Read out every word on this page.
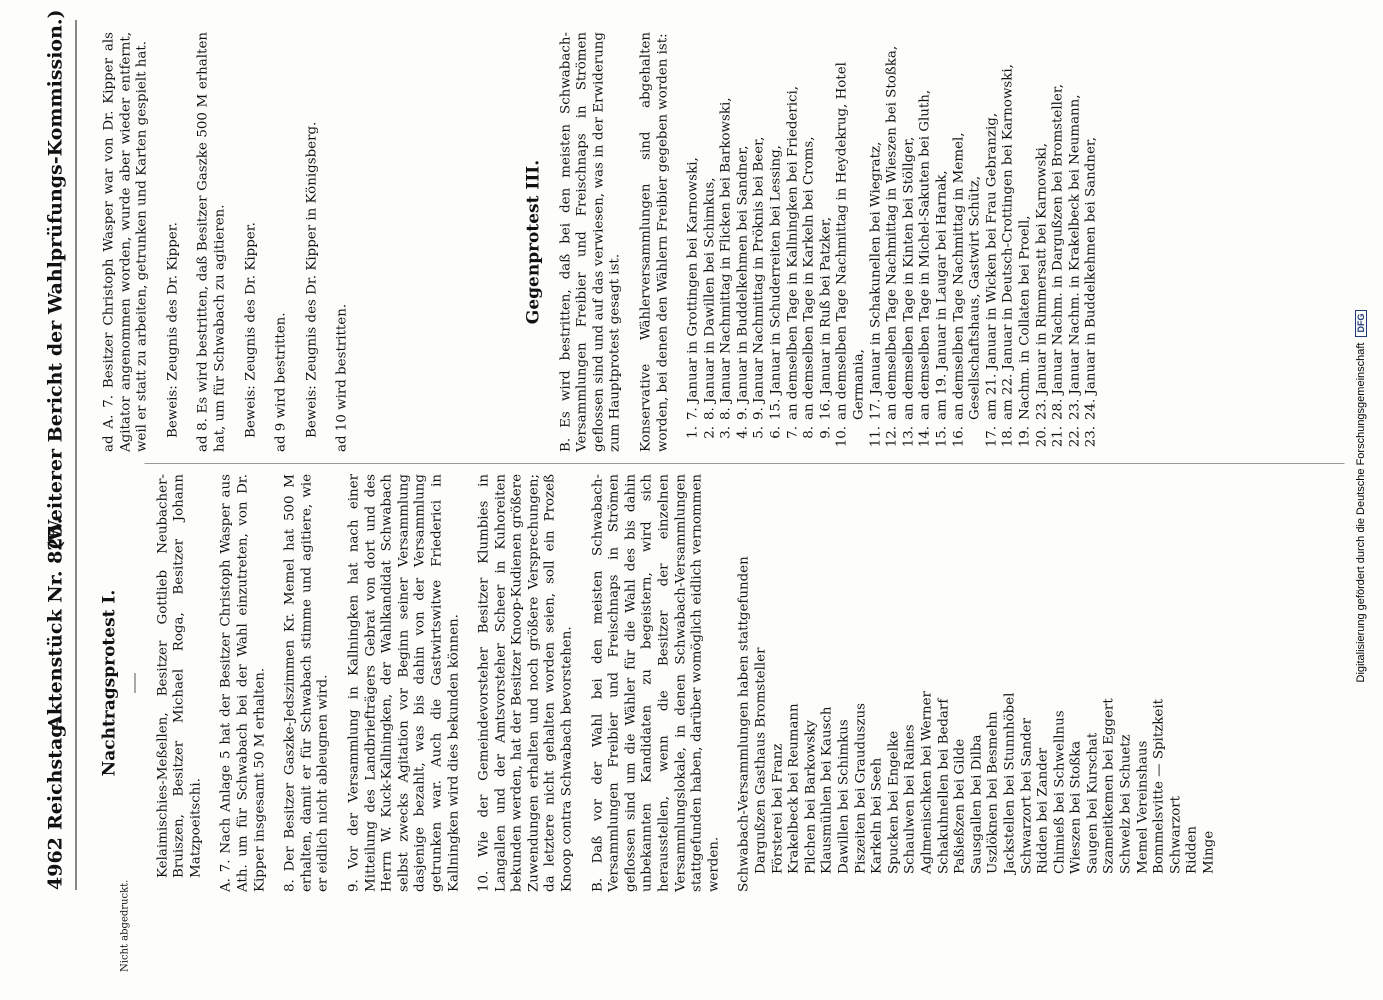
4962
Reichstag.
Aktenstück Nr. 825.
(Weiterer Bericht der Wahlprüfungs-Kommission.)
Nicht abgedruckt.
Nachtragsprotest I.	Kelaimischies-Meßellen, Besitzer Gottlieb Neubacher-Bruiszen, Besitzer Michael Roga, Besitzer Johann Matzpoeitschi. A. 7. Nach Anlage 5 hat der Besitzer Christoph Wasper aus Ath. um für Schwabach bei der Wahl einzutreten, von Dr. Kipper insgesamt 50 M erhalten. 8. Der Besitzer Gaszke-Jedszimmen Kr. Memel hat 500 M erhalten, damit er für Schwabach stimme und agitiere, wie er eidlich nicht ableugnen wird. 9. Vor der Versammlung in Kallningken hat nach einer Mitteilung des Landbriefträgers Gebrat von dort und des Herrn W. Kuck-Kallningken, der Wahlkandidat Schwabach selbst zwecks Agitation vor Beginn seiner Versammlung dasjenige bezahlt, was bis dahin von der Versammlung getrunken war. Auch die Gastwirtswitwe Friederici in Kallningken wird dies bekunden können. 10. Wie der Gemeindevorsteher Besitzer Klumbies in Langallen und der Amtsvorsteher Scheer in Kuhoreiten bekunden werden, hat der Besitzer Knoop-Kudienen größere Zuwendungen erhalten und noch größere Versprechungen; da letztere nicht gehalten worden seien, soll ein Prozeß Knoop contra Schwabach bevorstehen. B. Daß vor der Wahl bei den meisten Schwabach-Versammlungen Freibier und Freischnaps in Strömen geflossen sind um die Wähler für die Wahl des bis dahin unbekannten Kandidaten zu begeistern, wird sich herausstellen, wenn die Besitzer der einzelnen Versammlungslokale, in denen Schwabach-Versammlungen stattgefunden haben, darüber womöglich eidlich vernommen werden. Schwabach-Versammlungen haben stattgefunden Dargußzen Gasthaus Bromsteller Försterei bei Franz Krakelbeck bei Reumann Pilchen bei Barkowsky Klausmühlen bei Kausch Dawillen bei Schimkus Piszeiten bei Grauduszus Karkeln bei Seeh Spucken bei Engelke Schaulwen bei Raines Aglmenischken bei Werner Schakuhnellen bei Bedarf Paßießzen bei Gilde Sausgallen bei Dilba Uszlöknen bei Besmehn Jackstellen bei Stunnhöbel Schwarzort bei Sander Ridden bei Zander Chimieß bei Schwellnus Wieszen bei Stoßka Saugen bei Kurschat Szameitkemen bei Eggert Schwelz bei Schuetz Memel Vereinshaus Bommelsvitte — Spitzkeit Schwarzort Ridden Minge

ad A. 7. Besitzer Christoph Wasper war von Dr. Kipper als Agitator angenommen worden, wurde aber wieder entfernt, weil er statt zu arbeiten, getrunken und Karten gespielt hat. Beweis: Zeugnis des Dr. Kipper. ad 8. Es wird bestritten, daß Besitzer Gaszke 500 M erhalten hat, um für Schwabach zu agitieren. Beweis: Zeugnis des Dr. Kipper. ad 9 wird bestritten. Beweis: Zeugnis des Dr. Kipper in Königsberg. ad 10 wird bestritten.

Gegenprotest III. B. Es wird bestritten, daß bei den meisten Schwabach-Versammlungen Freibier und Freischnaps in Strömen geflossen sind und auf das verwiesen, was in der Erwiderung zum Hauptprotest gesagt ist. Konservative Wählerversammlungen sind abgehalten worden, bei denen den Wählern Freibier gegeben worden ist: 1.
7. Januar in Grottingen bei Karnowski,
2.
8. Januar in Dawillen bei Schimkus,
3.
8. Januar Nachmittag in Flicken bei Barkowski,
4.
9. Januar in Buddelkehmen bei Sandner,
5.
9. Januar Nachmittag in Pröknis bei Beer,
6.
15. Januar in Schuderreiten bei Lessing,
7.
an demselben Tage in Kallningken bei Friederici,
8.
an demselben Tage in Karkeln bei Croms,
9.
16. Januar in Ruß bei Patzker,
10.
an demselben Tage Nachmittag in Heydekrug, Hotel Germania,
11.
17. Januar in Schakunellen bei Wiegratz,
12.
an demselben Tage Nachmittag in Wieszen bei Stoßka,
13.
an demselben Tage in Kinten bei Stöllger,
14.
an demselben Tage in Michel-Sakuten bei Gluth,
15.
am 19. Januar in Laugar bei Harnak,
16.
an demselben Tage Nachmittag in Memel, Gesellschaftshaus, Gastwirt Schütz,
17.
am 21. Januar in Wicken bei Frau Gebranzig,
18.
am 22. Januar in Deutsch-Crottingen bei Karnowski,
19.
Nachm. in Collaten bei Proell,
20.
23. Januar in Rimmersatt bei Karnowski,
21.
28. Januar Nachm. in Dargußzen bei Bromsteller,
22.
23. Januar Nachm. in Krakelbeck bei Neumann,
23.
24. Januar in Buddelkehmen bei Sandner,
Digitalisierung gefördert durch die Deutsche Forschungsgemeinschaft
DFG
